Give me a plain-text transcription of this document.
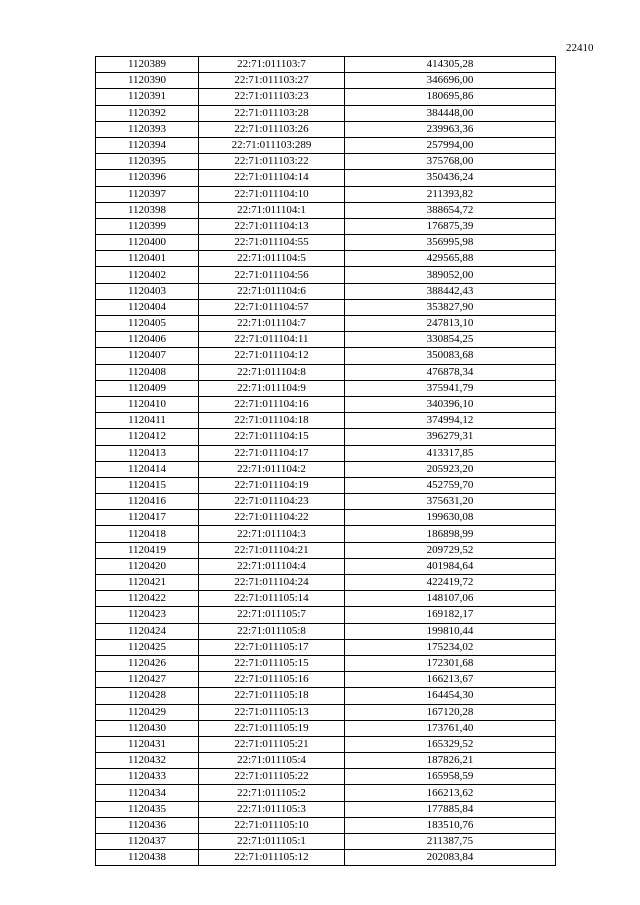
22410
1120389	22:71:011103:7	414305,28
1120390	22:71:011103:27	346696,00
1120391	22:71:011103:23	180695,86
1120392	22:71:011103:28	384448,00
1120393	22:71:011103:26	239963,36
1120394	22:71:011103:289	257994,00
1120395	22:71:011103:22	375768,00
1120396	22:71:011104:14	350436,24
1120397	22:71:011104:10	211393,82
1120398	22:71:011104:1	388654,72
1120399	22:71:011104:13	176875,39
1120400	22:71:011104:55	356995,98
1120401	22:71:011104:5	429565,88
1120402	22:71:011104:56	389052,00
1120403	22:71:011104:6	388442,43
1120404	22:71:011104:57	353827,90
1120405	22:71:011104:7	247813,10
1120406	22:71:011104:11	330854,25
1120407	22:71:011104:12	350083,68
1120408	22:71:011104:8	476878,34
1120409	22:71:011104:9	375941,79
1120410	22:71:011104:16	340396,10
1120411	22:71:011104:18	374994,12
1120412	22:71:011104:15	396279,31
1120413	22:71:011104:17	413317,85
1120414	22:71:011104:2	205923,20
1120415	22:71:011104:19	452759,70
1120416	22:71:011104:23	375631,20
1120417	22:71:011104:22	199630,08
1120418	22:71:011104:3	186898,99
1120419	22:71:011104:21	209729,52
1120420	22:71:011104:4	401984,64
1120421	22:71:011104:24	422419,72
1120422	22:71:011105:14	148107,06
1120423	22:71:011105:7	169182,17
1120424	22:71:011105:8	199810,44
1120425	22:71:011105:17	175234,02
1120426	22:71:011105:15	172301,68
1120427	22:71:011105:16	166213,67
1120428	22:71:011105:18	164454,30
1120429	22:71:011105:13	167120,28
1120430	22:71:011105:19	173761,40
1120431	22:71:011105:21	165329,52
1120432	22:71:011105:4	187826,21
1120433	22:71:011105:22	165958,59
1120434	22:71:011105:2	166213,62
1120435	22:71:011105:3	177885,84
1120436	22:71:011105:10	183510,76
1120437	22:71:011105:1	211387,75
1120438	22:71:011105:12	202083,84
